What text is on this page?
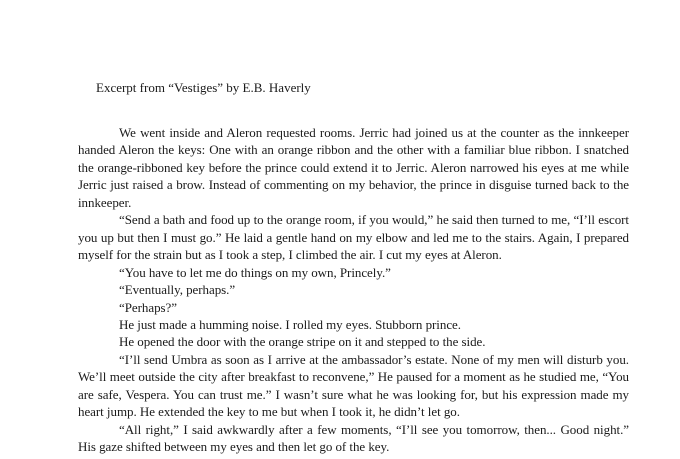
Excerpt from “Vestiges” by E.B. Haverly

We went inside and Aleron requested rooms. Jerric had joined us at the counter as the innkeeper handed Aleron the keys: One with an orange ribbon and the other with a familiar blue ribbon. I snatched the orange-ribboned key before the prince could extend it to Jerric. Aleron narrowed his eyes at me while Jerric just raised a brow. Instead of commenting on my behavior, the prince in disguise turned back to the innkeeper.

“Send a bath and food up to the orange room, if you would,” he said then turned to me, “I’ll escort you up but then I must go.” He laid a gentle hand on my elbow and led me to the stairs. Again, I prepared myself for the strain but as I took a step, I climbed the air. I cut my eyes at Aleron.

“You have to let me do things on my own, Princely.”

“Eventually, perhaps.”

“Perhaps?”

He just made a humming noise. I rolled my eyes. Stubborn prince.

He opened the door with the orange stripe on it and stepped to the side.

“I’ll send Umbra as soon as I arrive at the ambassador’s estate. None of my men will disturb you. We’ll meet outside the city after breakfast to reconvene,” He paused for a moment as he studied me, “You are safe, Vespera. You can trust me.” I wasn’t sure what he was looking for, but his expression made my heart jump. He extended the key to me but when I took it, he didn’t let go.

“All right,” I said awkwardly after a few moments, “I’ll see you tomorrow, then... Good night.” His gaze shifted between my eyes and then let go of the key.
